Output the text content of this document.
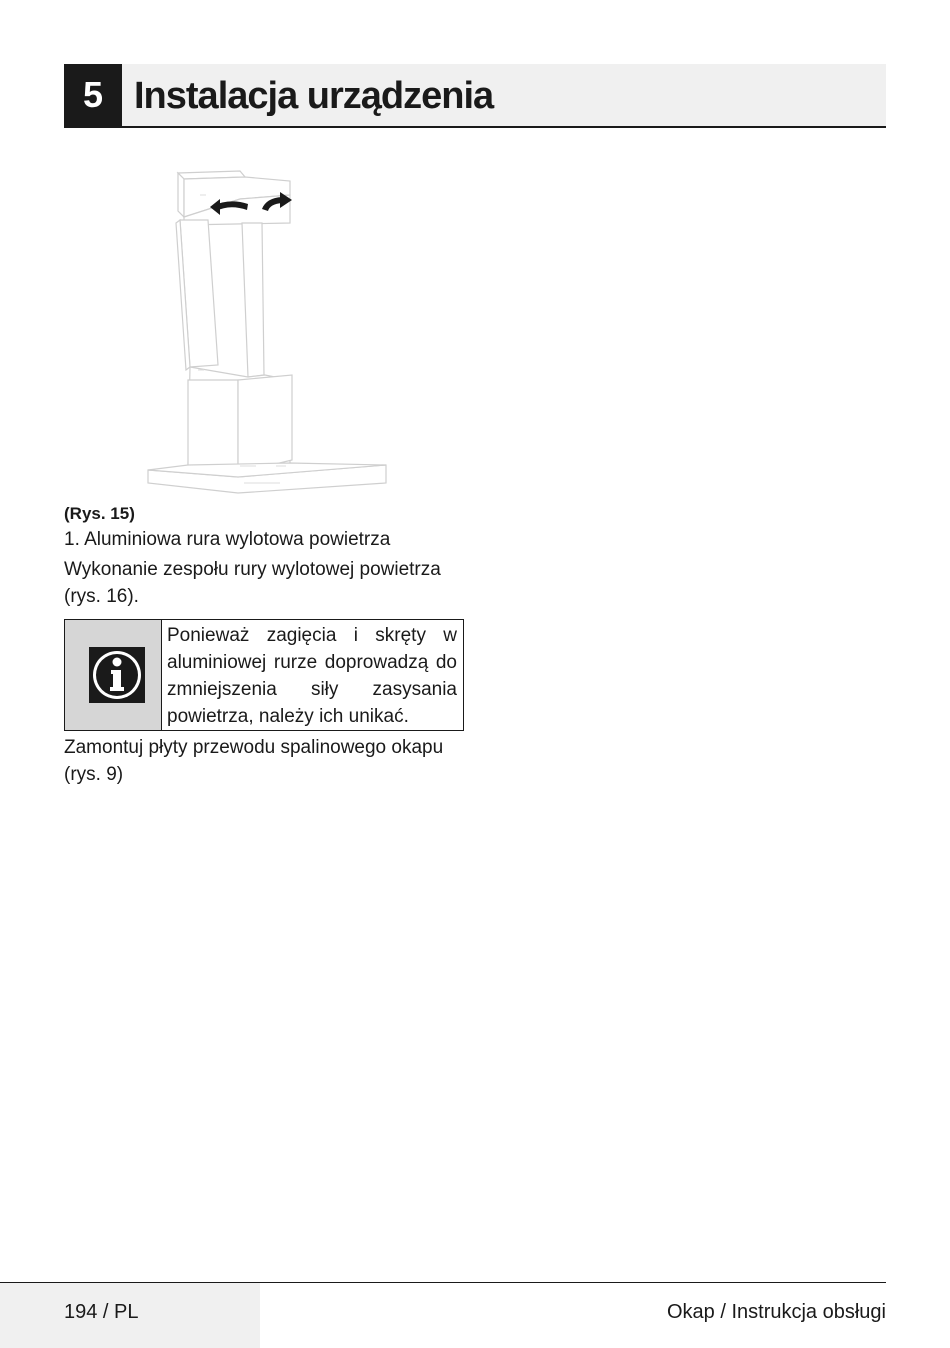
5 Instalacja urządzenia
(Rys. 15)
1. Aluminiowa rura wylotowa powietrza
Wykonanie zespołu rury wylotowej powietrza (rys. 16).
Ponieważ zagięcia i skręty w aluminiowej rurze doprowadzą do zmniejszenia siły zasysania powietrza, należy ich unikać.
Zamontuj płyty przewodu spalinowego okapu (rys. 9)
194 / PL	Okap / Instrukcja obsługi
